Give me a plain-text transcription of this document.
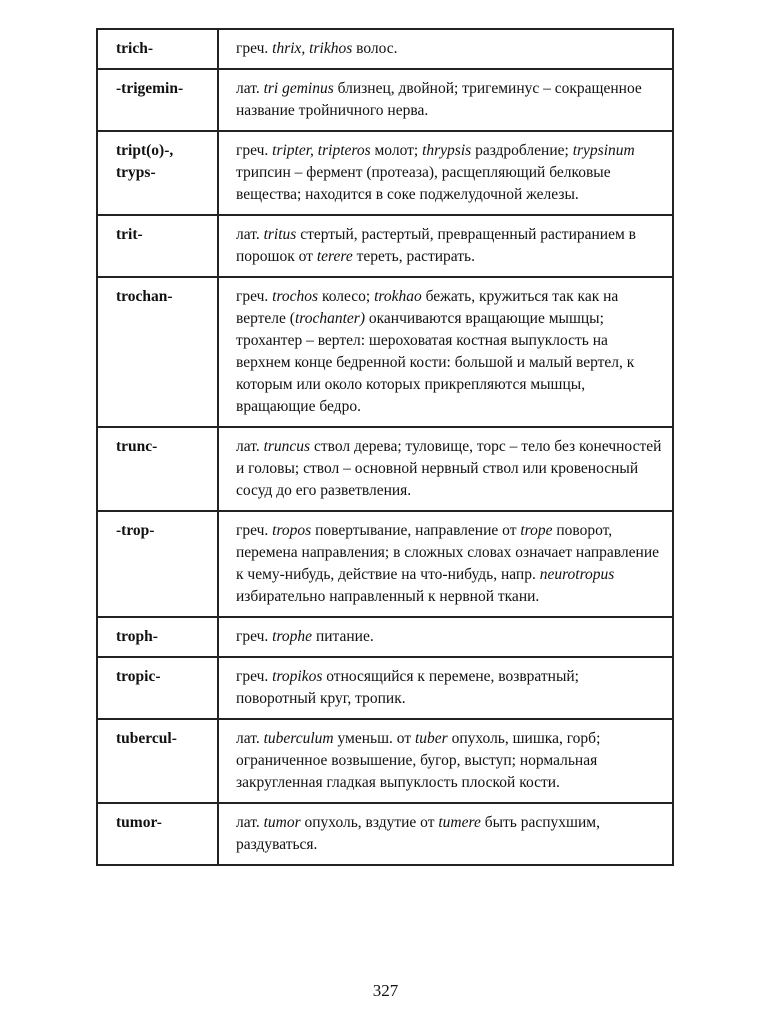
trich-	греч. thrix, trikhos волос.
-trigemin-	лат. tri geminus близнец, двойной; тригеминус – сокращенное название тройничного нерва.
tript(o)-, tryps-	греч. tripter, tripteros молот; thrypsis раздробление; trypsinum трипсин – фермент (протеаза), расщепляющий белковые вещества; находится в соке поджелудочной железы.
trit-	лат. tritus стертый, растертый, превращенный растиранием в порошок от terere тереть, растирать.
trochan-	греч. trochos колесо; trokhao бежать, кружиться так как на вертеле (trochanter) оканчиваются вращающие мышцы; трохантер – вертел: шероховатая костная выпуклость на верхнем конце бедренной кости: большой и малый вертел, к которым или около которых прикрепляются мышцы, вращающие бедро.
trunc-	лат. truncus ствол дерева; туловище, торс – тело без конечностей и головы; ствол – основной нервный ствол или кровеносный сосуд до его разветвления.
-trop-	греч. tropos повертывание, направление от trope поворот, перемена направления; в сложных словах означает направление к чему-нибудь, действие на что-нибудь, напр. neurotropus избирательно направленный к нервной ткани.
troph-	греч. trophe питание.
tropic-	греч. tropikos относящийся к перемене, возвратный; поворотный круг, тропик.
tubercul-	лат. tuberculum уменьш. от tuber опухоль, шишка, горб; ограниченное возвышение, бугор, выступ; нормальная закругленная гладкая выпуклость плоской кости.
tumor-	лат. tumor опухоль, вздутие от tumere быть распухшим, раздуваться.
327
